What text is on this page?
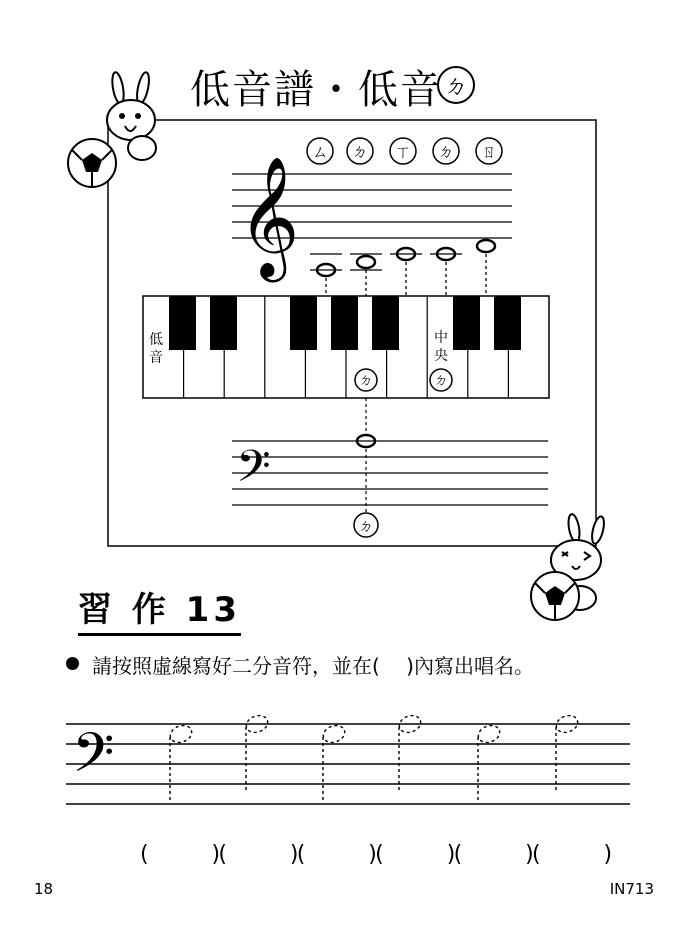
𝄞
ㄙ ㄉ ㄒ ㄉ ㄖ
低
音
中
央
ㄉ
ㄉ
𝄢
ㄉ
ㄉ
𝄢
低音譜・低音
習 作 13
請按照虛線寫好二分音符，並在(　 )內寫出唱名。
(         )
(         )
(         )
(         )
(         )
(         )
18	IN713
